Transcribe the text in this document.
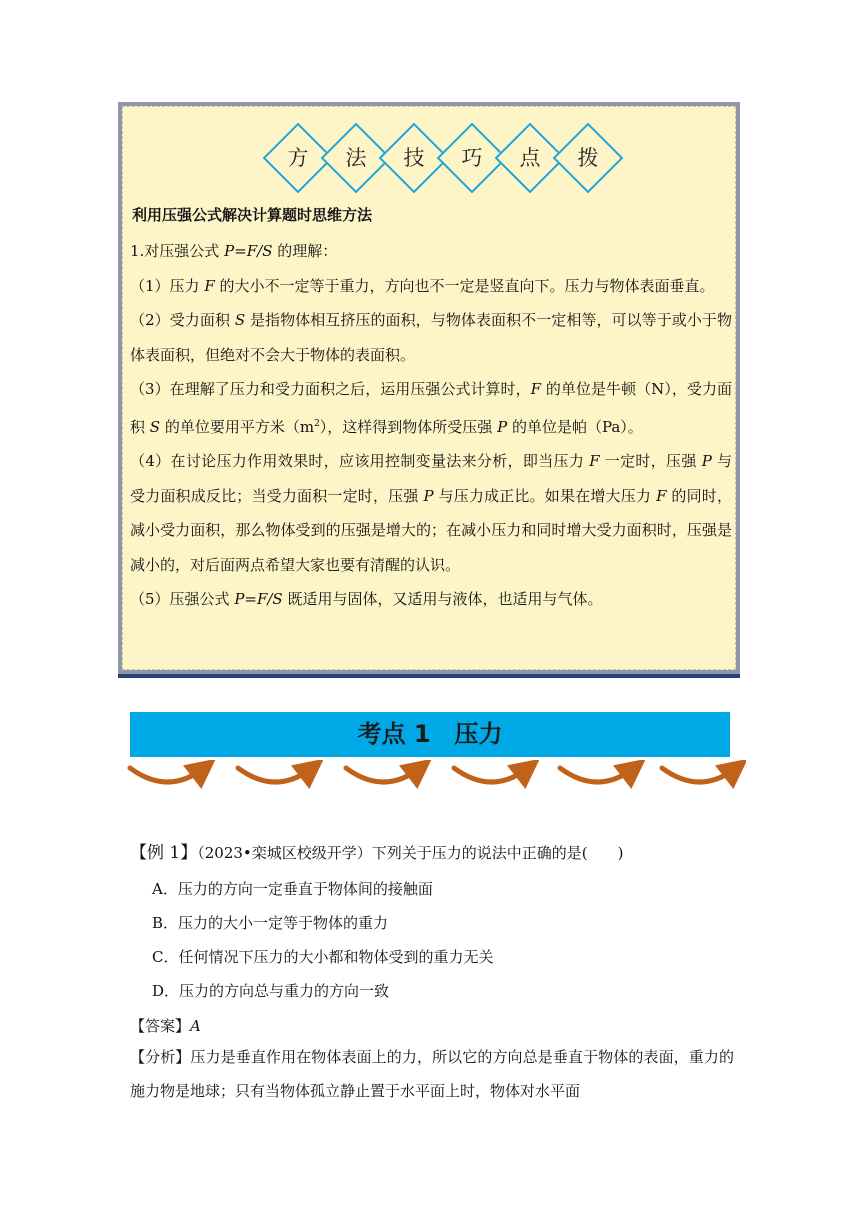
方	法	技	巧	点	拨
利用压强公式解决计算题时思维方法

1.对压强公式 P=F/S 的理解：

（1）压力 F 的大小不一定等于重力，方向也不一定是竖直向下。压力与物体表面垂直。

（2）受力面积 S 是指物体相互挤压的面积，与物体表面积不一定相等，可以等于或小于物体表面积，但绝对不会大于物体的表面积。

（3）在理解了压力和受力面积之后，运用压强公式计算时，F 的单位是牛顿（N），受力面积 S 的单位要用平方米$(m^2)$，这样得到物体所受压强 P 的单位是帕（Pa）。

（4）在讨论压力作用效果时，应该用控制变量法来分析，即当压力 F 一定时，压强 P 与受力面积成反比；当受力面积一定时，压强 P 与压力成正比。如果在增大压力 F 的同时，减小受力面积，那么物体受到的压强是增大的；在减小压力和同时增大受力面积时，压强是减小的，对后面两点希望大家也要有清醒的认识。

（5）压强公式 P=F/S 既适用与固体，又适用与液体，也适用与气体。

考点 1　压力
【例 1】（2023•栾城区校级开学）下列关于压力的说法中正确的是(　　)
A．压力的方向一定垂直于物体间的接触面
B．压力的大小一定等于物体的重力
C．任何情况下压力的大小都和物体受到的重力无关
D．压力的方向总与重力的方向一致
【答案】A
【分析】压力是垂直作用在物体表面上的力，所以它的方向总是垂直于物体的表面，重力的施力物是地球；只有当物体孤立静止置于水平面上时，物体对水平面
